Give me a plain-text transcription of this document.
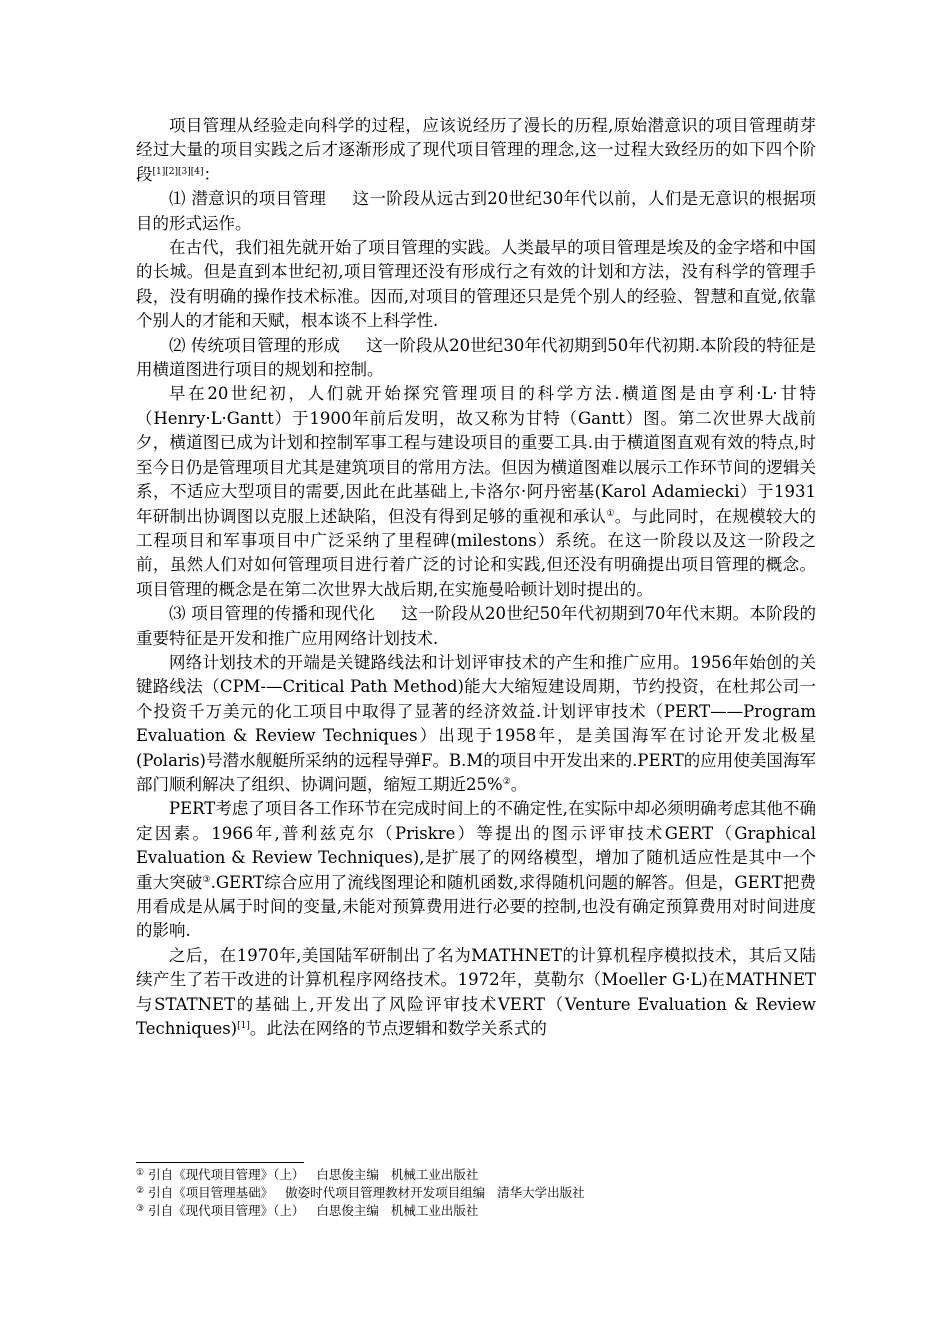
项目管理从经验走向科学的过程，应该说经历了漫长的历程,原始潜意识的项目管理萌芽经过大量的项目实践之后才逐渐形成了现代项目管理的理念,这一过程大致经历的如下四个阶段[1][2][3][4]：

⑴ 潜意识的项目管理 这一阶段从远古到20世纪30年代以前，人们是无意识的根据项目的形式运作。

在古代，我们祖先就开始了项目管理的实践。人类最早的项目管理是埃及的金字塔和中国的长城。但是直到本世纪初,项目管理还没有形成行之有效的计划和方法，没有科学的管理手段，没有明确的操作技术标准。因而,对项目的管理还只是凭个别人的经验、智慧和直觉,依靠个别人的才能和天赋，根本谈不上科学性.

⑵ 传统项目管理的形成 这一阶段从20世纪30年代初期到50年代初期.本阶段的特征是用横道图进行项目的规划和控制。

早在20世纪初，人们就开始探究管理项目的科学方法.横道图是由亨利·L·甘特（Henry·L·Gantt）于1900年前后发明，故又称为甘特（Gantt）图。第二次世界大战前夕，横道图已成为计划和控制军事工程与建设项目的重要工具.由于横道图直观有效的特点,时至今日仍是管理项目尤其是建筑项目的常用方法。但因为横道图难以展示工作环节间的逻辑关系，不适应大型项目的需要,因此在此基础上,卡洛尔·阿丹密基(Karol Adamiecki）于1931年研制出协调图以克服上述缺陷，但没有得到足够的重视和承认①。与此同时，在规模较大的工程项目和军事项目中广泛采纳了里程碑(milestons）系统。在这一阶段以及这一阶段之前，虽然人们对如何管理项目进行着广泛的讨论和实践,但还没有明确提出项目管理的概念。项目管理的概念是在第二次世界大战后期,在实施曼哈顿计划时提出的。

⑶ 项目管理的传播和现代化 这一阶段从20世纪50年代初期到70年代末期。本阶段的重要特征是开发和推广应用网络计划技术.

网络计划技术的开端是关键路线法和计划评审技术的产生和推广应用。1956年始创的关键路线法（CPM-—Critical Path Method)能大大缩短建设周期，节约投资，在杜邦公司一个投资千万美元的化工项目中取得了显著的经济效益.计划评审技术（PERT——Program Evaluation & Review Techniques）出现于1958年，是美国海军在讨论开发北极星(Polaris)号潜水舰艇所采纳的远程导弹F。B.M的项目中开发出来的.PERT的应用使美国海军部门顺利解决了组织、协调问题，缩短工期近25%②。

PERT考虑了项目各工作环节在完成时间上的不确定性,在实际中却必须明确考虑其他不确定因素。1966年,普利兹克尔（Priskre）等提出的图示评审技术GERT（Graphical Evaluation & Review Techniques),是扩展了的网络模型，增加了随机适应性是其中一个重大突破③.GERT综合应用了流线图理论和随机函数,求得随机问题的解答。但是，GERT把费用看成是从属于时间的变量,未能对预算费用进行必要的控制,也没有确定预算费用对时间进度的影响.

之后，在1970年,美国陆军研制出了名为MATHNET的计算机程序模拟技术，其后又陆续产生了若干改进的计算机程序网络技术。1972年，莫勒尔（Moeller G·L)在MATHNET与STATNET的基础上,开发出了风险评审技术VERT（Venture Evaluation & Review Techniques)[1]。此法在网络的节点逻辑和数学关系式的

① 引自《现代项目管理》（上） 白思俊主编 机械工业出版社
② 引自《项目管理基础》 傲姿时代项目管理教材开发项目组编 清华大学出版社
③ 引自《现代项目管理》（上） 白思俊主编 机械工业出版社
